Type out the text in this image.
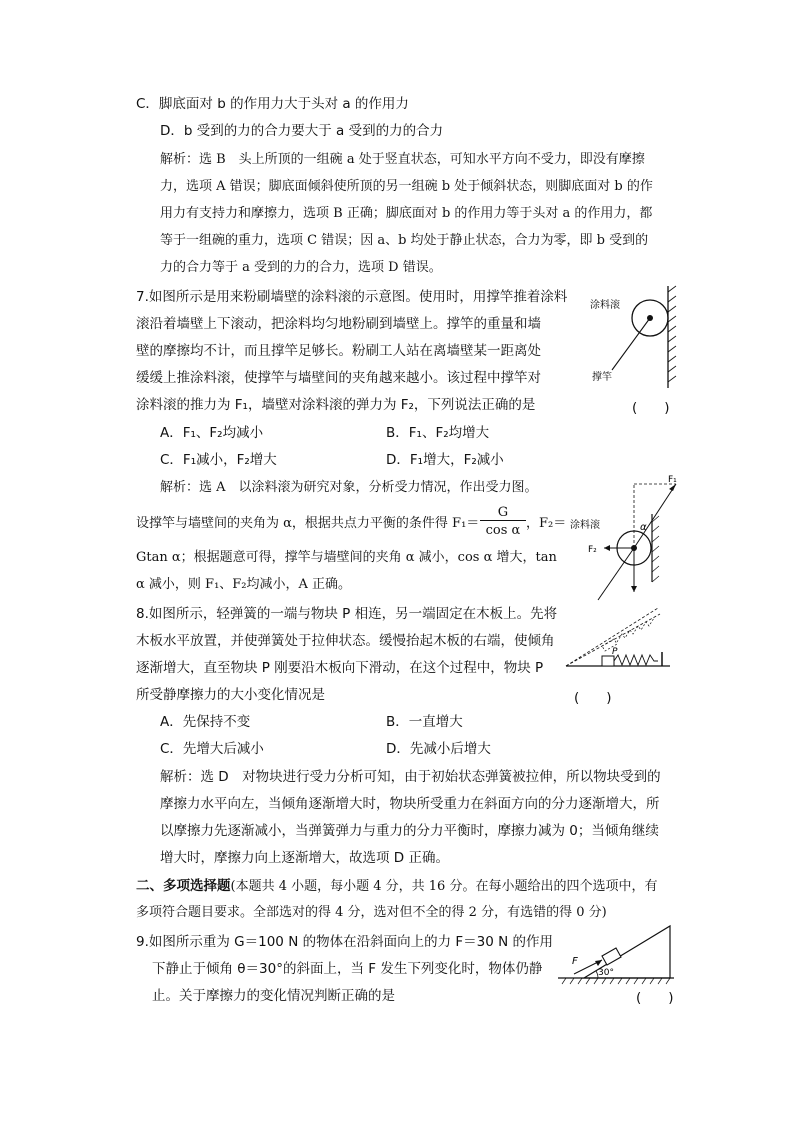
C．脚底面对 b 的作用力大于头对 a 的作用力
D．b 受到的力的合力要大于 a 受到的力的合力
解析：选 B　头上所顶的一组碗 a 处于竖直状态，可知水平方向不受力，即没有摩擦
力，选项 A 错误；脚底面倾斜使所顶的另一组碗 b 处于倾斜状态，则脚底面对 b 的作
用力有支持力和摩擦力，选项 B 正确；脚底面对 b 的作用力等于头对 a 的作用力，都
等于一组碗的重力，选项 C 错误；因 a、b 均处于静止状态，合力为零，即 b 受到的
力的合力等于 a 受到的力的合力，选项 D 错误。
7.如图所示是用来粉刷墙壁的涂料滚的示意图。使用时，用撑竿推着涂料
滚沿着墙壁上下滚动，把涂料均匀地粉刷到墙壁上。撑竿的重量和墙
壁的摩擦均不计，而且撑竿足够长。粉刷工人站在离墙壁某一距离处
缓缓上推涂料滚，使撑竿与墙壁间的夹角越来越小。该过程中撑竿对
涂料滚的推力为 F₁，墙壁对涂料滚的弹力为 F₂，下列说法正确的是	(　　)
A．F₁、F₂均减小	B．F₁、F₂均增大
C．F₁减小，F₂增大	D．F₁增大，F₂减小
解析：选 A　以涂料滚为研究对象，分析受力情况，作出受力图。
设撑竿与墙壁间的夹角为 α，根据共点力平衡的条件得 F₁＝
G
cos α ，F₂＝
Gtan α；根据题意可得，撑竿与墙壁间的夹角 α 减小，cos α 增大，tan
α 减小，则 F₁、F₂均减小，A 正确。
8.如图所示，轻弹簧的一端与物块 P 相连，另一端固定在木板上。先将
木板水平放置，并使弹簧处于拉伸状态。缓慢抬起木板的右端，使倾角
逐渐增大，直至物块 P 刚要沿木板向下滑动，在这个过程中，物块 P
所受静摩擦力的大小变化情况是	(　　)
A．先保持不变	B．一直增大
C．先增大后减小	D．先减小后增大
解析：选 D　对物块进行受力分析可知，由于初始状态弹簧被拉伸，所以物块受到的
摩擦力水平向左，当倾角逐渐增大时，物块所受重力在斜面方向的分力逐渐增大，所
以摩擦力先逐渐减小，当弹簧弹力与重力的分力平衡时，摩擦力减为 0；当倾角继续
增大时，摩擦力向上逐渐增大，故选项 D 正确。
二、多项选择题(本题共 4 小题，每小题 4 分，共 16 分。在每小题给出的四个选项中，有
多项符合题目要求。全部选对的得 4 分，选对但不全的得 2 分，有选错的得 0 分)
9.如图所示重为 G＝100 N 的物体在沿斜面向上的力 F＝30 N 的作用
下静止于倾角 θ＝30°的斜面上，当 F 发生下列变化时，物体仍静
止。关于摩擦力的变化情况判断正确的是	(　　)
涂料滚
撑竿
F₁
F₂
α
涂料滚
P
F
30°
